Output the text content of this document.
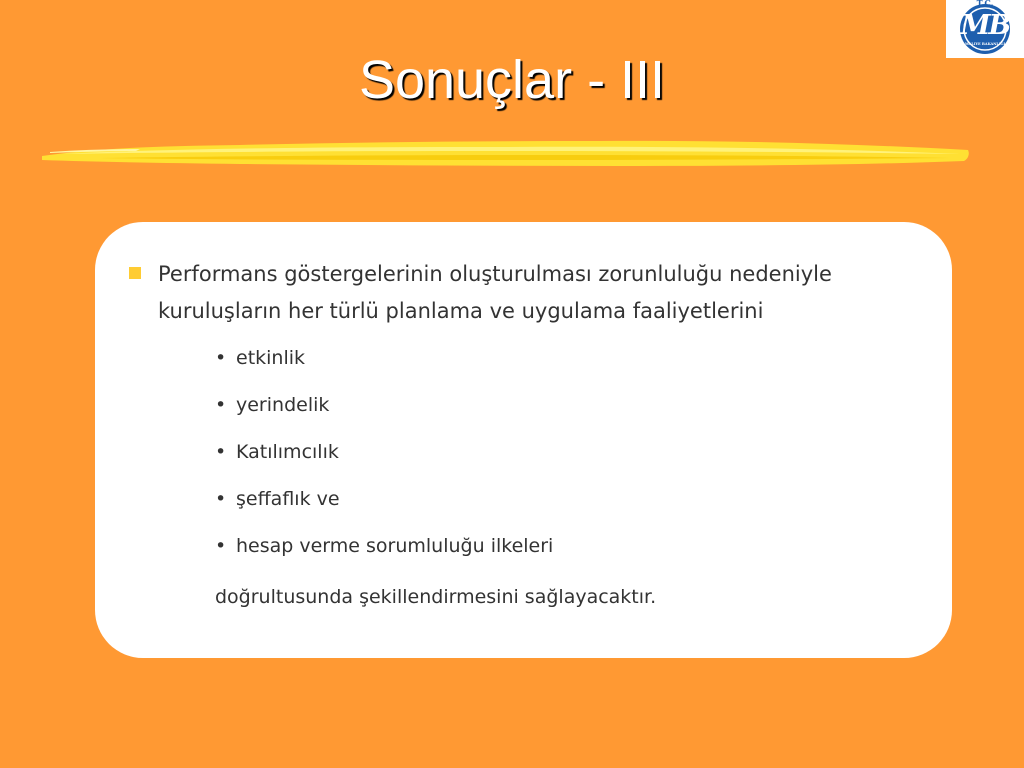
Sonuçlar - III
T.C.
MB
MALIYE BAKANLIGI
Performans göstergelerinin oluşturulması zorunluluğu nedeniyle kuruluşların her türlü planlama ve uygulama faaliyetlerini
• etkinlik
• yerindelik
• Katılımcılık
• şeffaflık ve
• hesap verme sorumluluğu ilkeleri
doğrultusunda şekillendirmesini sağlayacaktır.
